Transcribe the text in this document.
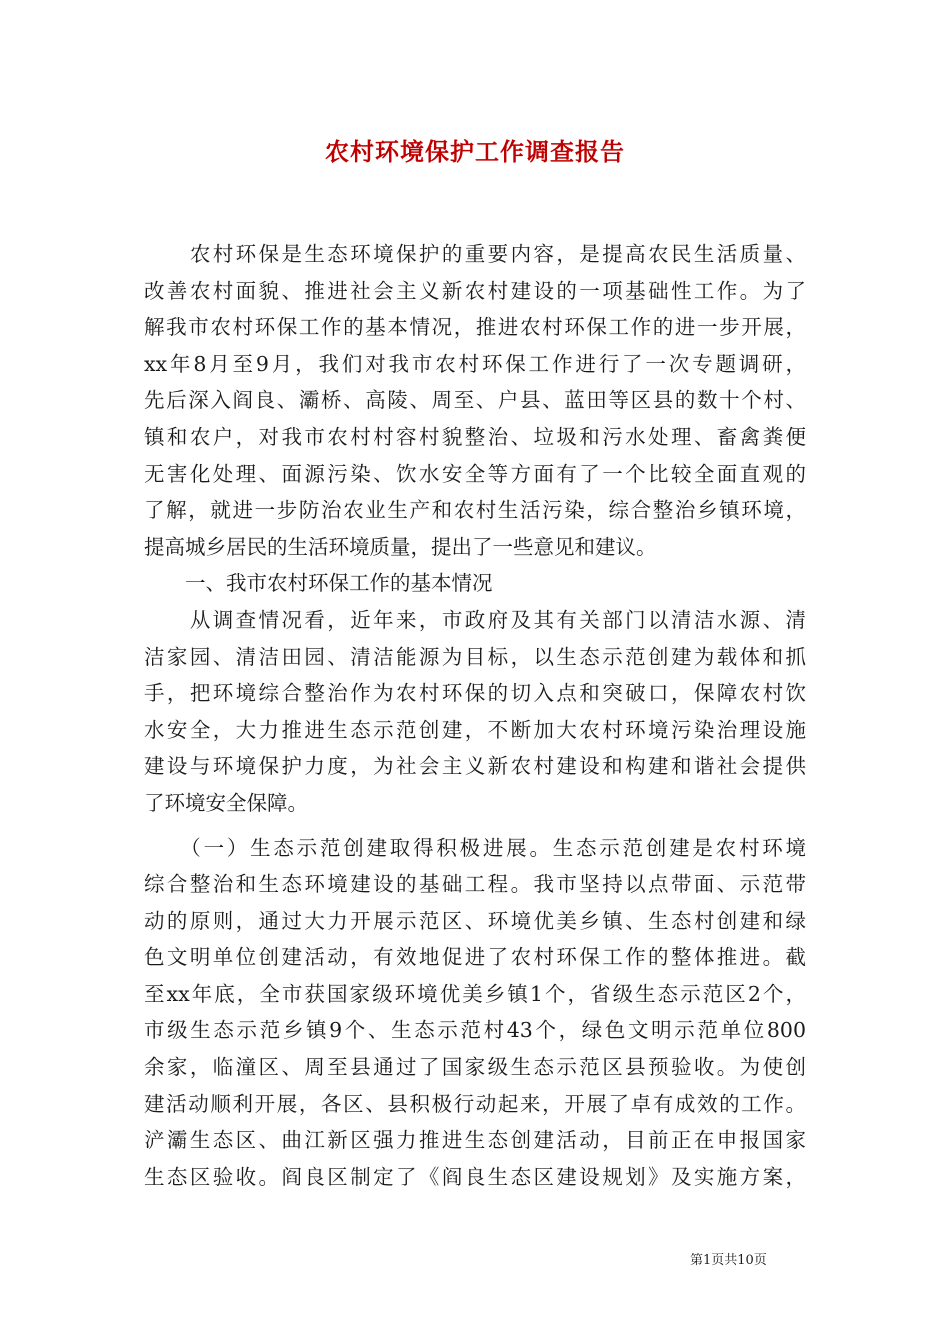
农村环境保护工作调查报告
　　农村环保是生态环境保护的重要内容，是提高农民生活质量、
改善农村面貌、推进社会主义新农村建设的一项基础性工作。为了
解我市农村环保工作的基本情况，推进农村环保工作的进一步开展，
xx年8月至9月，我们对我市农村环保工作进行了一次专题调研，
先后深入阎良、灞桥、高陵、周至、户县、蓝田等区县的数十个村、
镇和农户，对我市农村村容村貌整治、垃圾和污水处理、畜禽粪便
无害化处理、面源污染、饮水安全等方面有了一个比较全面直观的
了解，就进一步防治农业生产和农村生活污染，综合整治乡镇环境，
提高城乡居民的生活环境质量，提出了一些意见和建议。
　　一、我市农村环保工作的基本情况
　　从调查情况看，近年来，市政府及其有关部门以清洁水源、清
洁家园、清洁田园、清洁能源为目标，以生态示范创建为载体和抓
手，把环境综合整治作为农村环保的切入点和突破口，保障农村饮
水安全，大力推进生态示范创建，不断加大农村环境污染治理设施
建设与环境保护力度，为社会主义新农村建设和构建和谐社会提供
了环境安全保障。
　　（一）生态示范创建取得积极进展。生态示范创建是农村环境
综合整治和生态环境建设的基础工程。我市坚持以点带面、示范带
动的原则，通过大力开展示范区、环境优美乡镇、生态村创建和绿
色文明单位创建活动，有效地促进了农村环保工作的整体推进。截
至xx年底，全市获国家级环境优美乡镇1个，省级生态示范区2个，
市级生态示范乡镇9个、生态示范村43个，绿色文明示范单位800
余家，临潼区、周至县通过了国家级生态示范区县预验收。为使创
建活动顺利开展，各区、县积极行动起来，开展了卓有成效的工作。
浐灞生态区、曲江新区强力推进生态创建活动，目前正在申报国家
生态区验收。阎良区制定了《阎良生态区建设规划》及实施方案，
第1页共10页
